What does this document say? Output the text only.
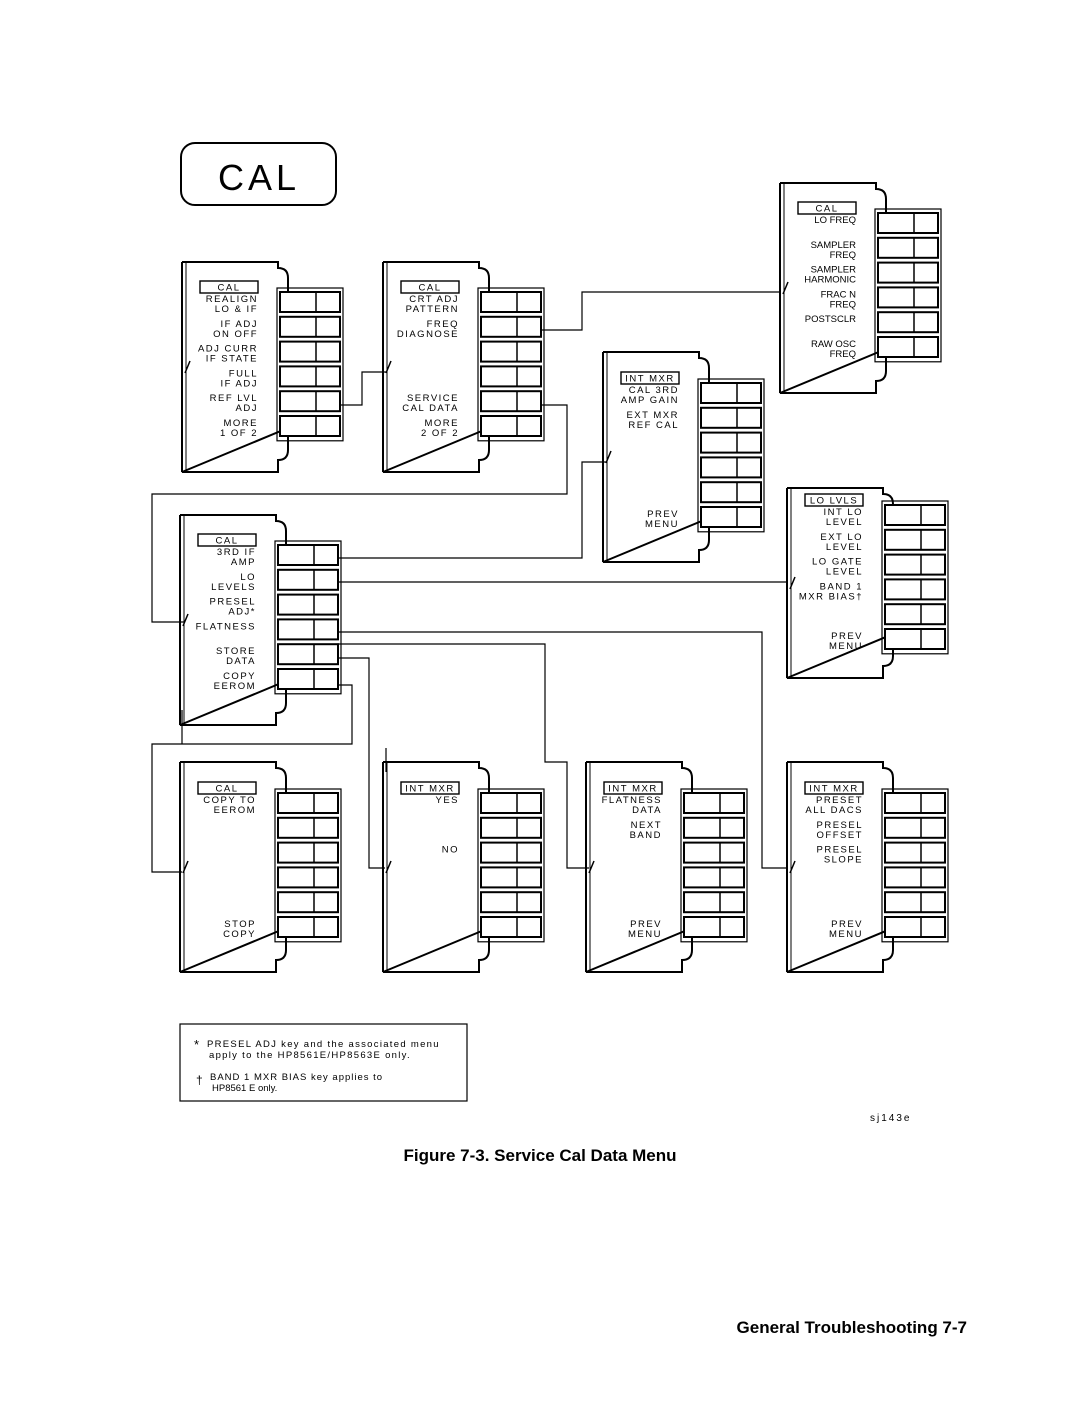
CAL
CAL
REALIGN
LO & IF
IF ADJ
ON OFF
ADJ CURR
IF STATE
FULL
IF ADJ
REF LVL
ADJ
MORE
1 OF 2
CAL
CRT ADJ
PATTERN
FREQ
DIAGNOSE
SERVICE
CAL DATA
MORE
2 OF 2
CAL
LO FREQ
SAMPLER
FREQ
SAMPLER
HARMONIC
FRAC N
FREQ
POSTSCLR
RAW OSC
FREQ
INT MXR
CAL 3RD
AMP GAIN
EXT MXR
REF CAL
PREV
MENU
CAL
3RD IF
AMP
LO
LEVELS
PRESEL
ADJ*
FLATNESS
STORE
DATA
COPY
EEROM
LO LVLS
INT LO
LEVEL
EXT LO
LEVEL
LO GATE
LEVEL
BAND 1
MXR BIAS†
PREV
MENU
CAL
COPY TO
EEROM
STOP
COPY
INT MXR
YES
NO
INT MXR
FLATNESS
DATA
NEXT
BAND
PREV
MENU
INT MXR
PRESET
ALL DACS
PRESEL
OFFSET
PRESEL
SLOPE
PREV
MENU
* PRESEL ADJ key and the associated menu
apply to the HP8561E/HP8563E only.
† BAND 1 MXR BIAS key applies to
HP8561 E only.
sj143e
Figure 7-3. Service Cal Data Menu
General Troubleshooting 7-7
